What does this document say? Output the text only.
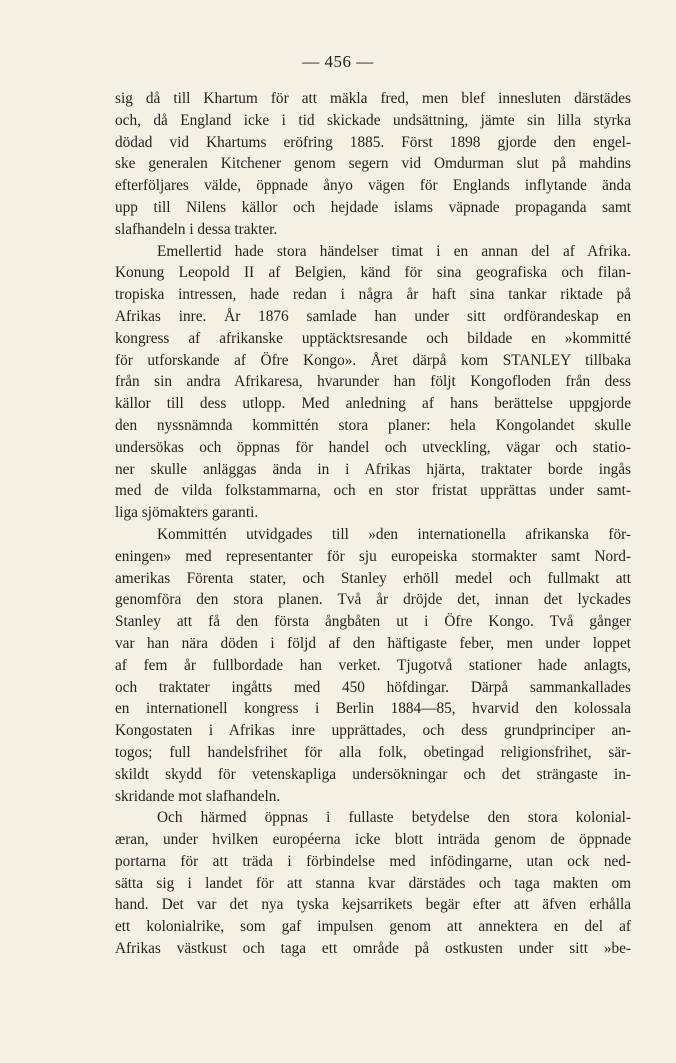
— 456 —
sig då till Khartum för att mäkla fred, men blef innesluten därstädes
och, då England icke i tid skickade undsättning, jämte sin lilla styrka
dödad vid Khartums eröfring 1885. Först 1898 gjorde den engel-
ske generalen Kitchener genom segern vid Omdurman slut på mahdins
efterföljares välde, öppnade ånyo vägen för Englands inflytande ända
upp till Nilens källor och hejdade islams väpnade propaganda samt
slafhandeln i dessa trakter.
Emellertid hade stora händelser timat i en annan del af Afrika.
Konung Leopold II af Belgien, känd för sina geografiska och filan-
tropiska intressen, hade redan i några år haft sina tankar riktade på
Afrikas inre. År 1876 samlade han under sitt ordförandeskap en
kongress af afrikanske upptäcktsresande och bildade en »kommitté
för utforskande af Öfre Kongo». Året därpå kom STANLEY tillbaka
från sin andra Afrikaresa, hvarunder han följt Kongofloden från dess
källor till dess utlopp. Med anledning af hans berättelse uppgjorde
den nyssnämnda kommittén stora planer: hela Kongolandet skulle
undersökas och öppnas för handel och utveckling, vägar och statio-
ner skulle anläggas ända in i Afrikas hjärta, traktater borde ingås
med de vilda folkstammarna, och en stor fristat upprättas under samt-
liga sjömakters garanti.
Kommittén utvidgades till »den internationella afrikanska för-
eningen» med representanter för sju europeiska stormakter samt Nord-
amerikas Förenta stater, och Stanley erhöll medel och fullmakt att
genomföra den stora planen. Två år dröjde det, innan det lyckades
Stanley att få den första ångbåten ut i Öfre Kongo. Två gånger
var han nära döden i följd af den häftigaste feber, men under loppet
af fem år fullbordade han verket. Tjugotvå stationer hade anlagts,
och traktater ingåtts med 450 höfdingar. Därpå sammankallades
en internationell kongress i Berlin 1884—85, hvarvid den kolossala
Kongostaten i Afrikas inre upprättades, och dess grundprinciper an-
togos; full handelsfrihet för alla folk, obetingad religionsfrihet, sär-
skildt skydd för vetenskapliga undersökningar och det strängaste in-
skridande mot slafhandeln.
Och härmed öppnas i fullaste betydelse den stora kolonial-
æran, under hvilken européerna icke blott inträda genom de öppnade
portarna för att träda i förbindelse med infödingarne, utan ock ned-
sätta sig i landet för att stanna kvar därstädes och taga makten om
hand. Det var det nya tyska kejsarrikets begär efter att äfven erhålla
ett kolonialrike, som gaf impulsen genom att annektera en del af
Afrikas västkust och taga ett område på ostkusten under sitt »be-
